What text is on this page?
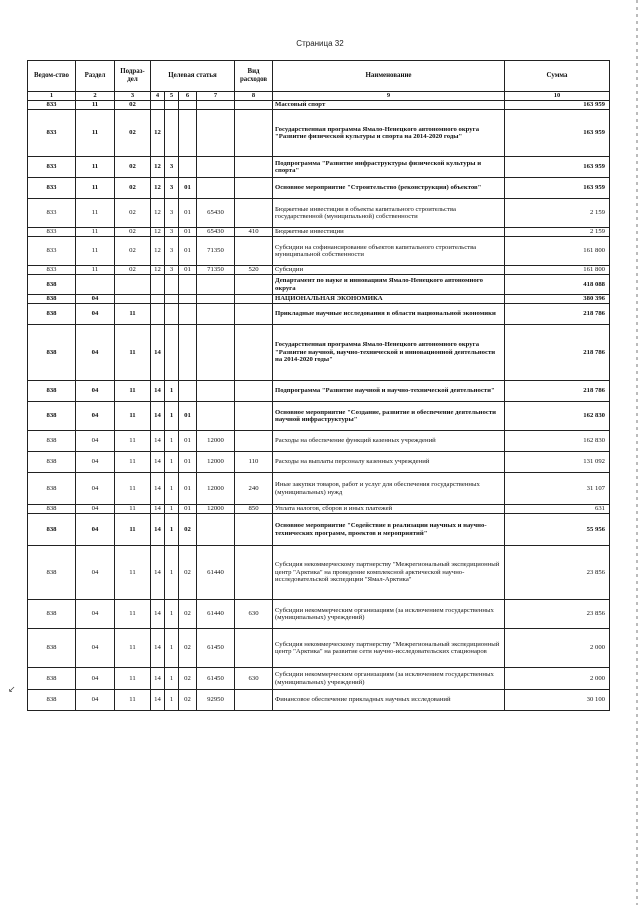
Страница 32
Ведом-ство	Раздел	Подраз-дел	Целевая статья				Вид расходов	Наименование	Сумма
1	2	3	4	5	6	7	8	9	10
833	11	02						Массовый спорт	163 959
833	11	02	12					Государственная программа Ямало-Ненецкого автономного округа "Развитие физической культуры и спорта на 2014-2020 годы"	163 959
833	11	02	12	3				Подпрограмма "Развитие инфраструктуры физической культуры и спорта"	163 959
833	11	02	12	3	01			Основное мероприятие "Строительство (реконструкция) объектов"	163 959
833	11	02	12	3	01	65430		Бюджетные инвестиции в объекты капитального строительства государственной (муниципальной) собственности	2 159
833	11	02	12	3	01	65430	410	Бюджетные инвестиции	2 159
833	11	02	12	3	01	71350		Субсидии на софинансирование объектов капитального строительства муниципальной собственности	161 800
833	11	02	12	3	01	71350	520	Субсидии	161 800
838								Департамент по науке и инновациям Ямало-Ненецкого автономного округа	418 088
838	04							НАЦИОНАЛЬНАЯ ЭКОНОМИКА	380 396
838	04	11						Прикладные научные исследования в области национальной экономики	218 786
838	04	11	14					Государственная программа Ямало-Ненецкого автономного округа "Развитие научной, научно-технической и инновационной деятельности на 2014-2020 годы"	218 786
838	04	11	14	1				Подпрограмма "Развитие научной и научно-технической деятельности"	218 786
838	04	11	14	1	01			Основное мероприятие "Создание, развитие и обеспечение деятельности научной инфраструктуры"	162 830
838	04	11	14	1	01	12000		Расходы на обеспечение функций казенных учреждений	162 830
838	04	11	14	1	01	12000	110	Расходы на выплаты персоналу казенных учреждений	131 092
838	04	11	14	1	01	12000	240	Иные закупки товаров, работ и услуг для обеспечения государственных (муниципальных) нужд	31 107
838	04	11	14	1	01	12000	850	Уплата налогов, сборов и иных платежей	631
838	04	11	14	1	02			Основное мероприятие "Содействие в реализации научных и научно-технических программ, проектов и мероприятий"	55 956
838	04	11	14	1	02	61440		Субсидия некоммерческому партнерству "Межрегиональный экспедиционный центр "Арктика" на проведение комплексной арктической научно-исследовательской экспедиции "Ямал-Арктика"	23 856
838	04	11	14	1	02	61440	630	Субсидии некоммерческим организациям (за исключением государственных (муниципальных) учреждений)	23 856
838	04	11	14	1	02	61450		Субсидия некоммерческому партнерству "Межрегиональный экспедиционный центр "Арктика" на развитие сети научно-исследовательских стационаров	2 000
838	04	11	14	1	02	61450	630	Субсидии некоммерческим организациям (за исключением государственных (муниципальных) учреждений)	2 000
838	04	11	14	1	02	92950		Финансовое обеспечение прикладных научных исследований	30 100
↙
